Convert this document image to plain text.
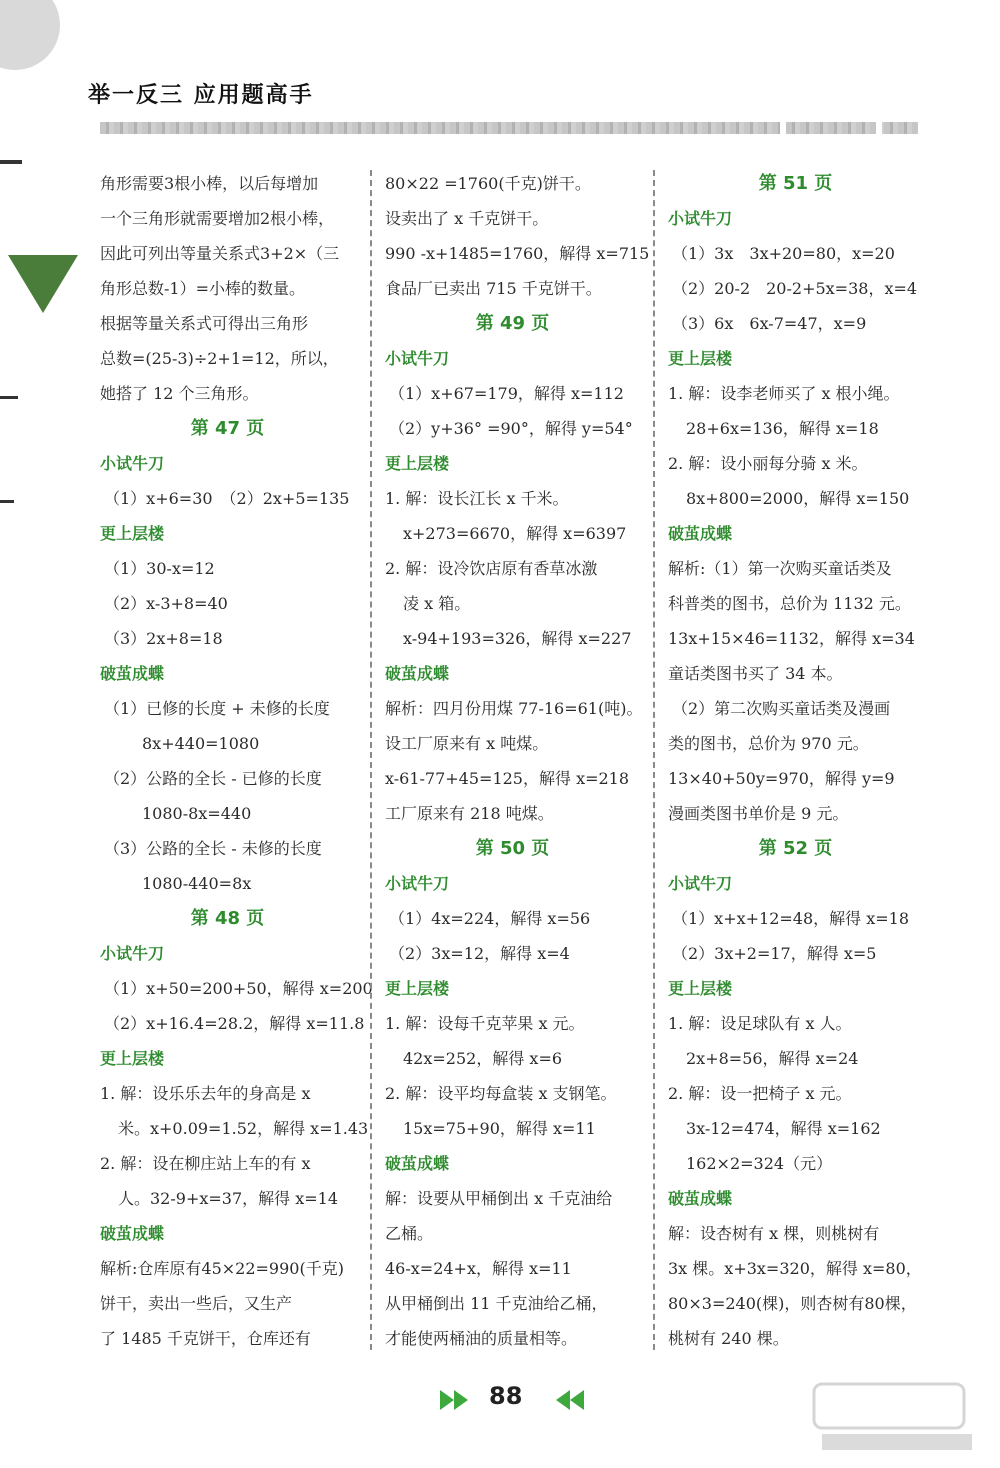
举一反三 应用题高手
角形需要3根小棒，以后每增加
一个三角形就需要增加2根小棒，
因此可列出等量关系式3+2×（三
角形总数-1）=小棒的数量。
根据等量关系式可得出三角形
总数=(25-3)÷2+1=12，所以，
她搭了 12 个三角形。
第 47 页
小试牛刀
（1）x+6=30　（2）2x+5=135
更上层楼
（1）30-x=12
（2）x-3+8=40
（3）2x+8=18
破茧成蝶
（1）已修的长度 + 未修的长度
8x+440=1080
（2）公路的全长 - 已修的长度
1080-8x=440
（3）公路的全长 - 未修的长度
1080-440=8x
第 48 页
小试牛刀
（1）x+50=200+50，解得 x=200
（2）x+16.4=28.2，解得 x=11.8
更上层楼
1. 解：设乐乐去年的身高是 x
米。x+0.09=1.52，解得 x=1.43
2. 解：设在柳庄站上车的有 x
人。32-9+x=37，解得 x=14
破茧成蝶
解析:仓库原有45×22=990(千克)
饼干，卖出一些后，又生产
了 1485 千克饼干，仓库还有
80×22 =1760(千克)饼干。
设卖出了 x 千克饼干。
990 -x+1485=1760，解得 x=715
食品厂已卖出 715 千克饼干。
第 49 页
小试牛刀
（1）x+67=179，解得 x=112
（2）y+36° =90°，解得 y=54°
更上层楼
1. 解：设长江长 x 千米。
x+273=6670，解得 x=6397
2. 解：设冷饮店原有香草冰激
凌 x 箱。
x-94+193=326，解得 x=227
破茧成蝶
解析：四月份用煤 77-16=61(吨)。
设工厂原来有 x 吨煤。
x-61-77+45=125，解得 x=218
工厂原来有 218 吨煤。
第 50 页
小试牛刀
（1）4x=224，解得 x=56
（2）3x=12，解得 x=4
更上层楼
1. 解：设每千克苹果 x 元。
42x=252，解得 x=6
2. 解：设平均每盒装 x 支钢笔。
15x=75+90，解得 x=11
破茧成蝶
解：设要从甲桶倒出 x 千克油给
乙桶。
46-x=24+x，解得 x=11
从甲桶倒出 11 千克油给乙桶，
才能使两桶油的质量相等。
第 51 页
小试牛刀
（1）3x　3x+20=80，x=20
（2）20-2　20-2+5x=38，x=4
（3）6x　6x-7=47，x=9
更上层楼
1. 解：设李老师买了 x 根小绳。
28+6x=136，解得 x=18
2. 解：设小丽每分骑 x 米。
8x+800=2000，解得 x=150
破茧成蝶
解析:（1）第一次购买童话类及
科普类的图书，总价为 1132 元。
13x+15×46=1132，解得 x=34
童话类图书买了 34 本。
（2）第二次购买童话类及漫画
类的图书，总价为 970 元。
13×40+50y=970，解得 y=9
漫画类图书单价是 9 元。
第 52 页
小试牛刀
（1）x+x+12=48，解得 x=18
（2）3x+2=17，解得 x=5
更上层楼
1. 解：设足球队有 x 人。
2x+8=56，解得 x=24
2. 解：设一把椅子 x 元。
3x-12=474，解得 x=162
162×2=324（元）
破茧成蝶
解：设杏树有 x 棵，则桃树有
3x 棵。x+3x=320，解得 x=80，
80×3=240(棵)，则杏树有80棵，
桃树有 240 棵。
88
